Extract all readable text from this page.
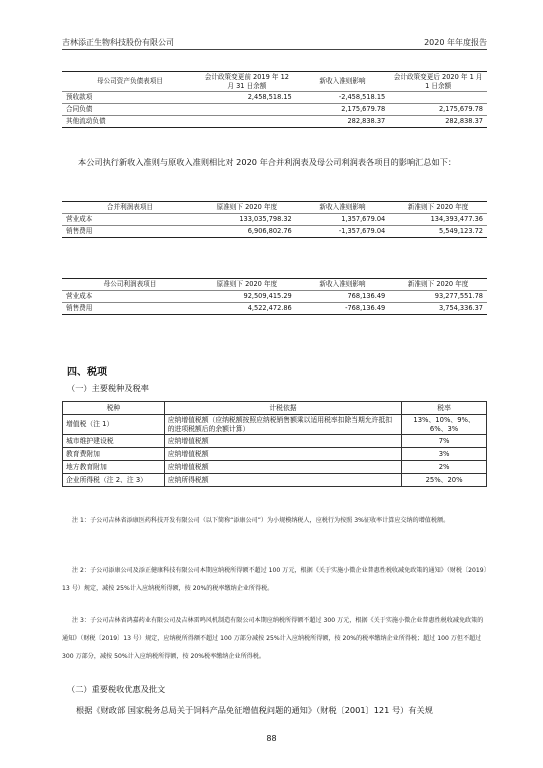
吉林添正生物科技股份有限公司	2020 年年度报告
母公司资产负债表项目	会计政策变更前 2019 年 12 月 31 日余额	新收入准则影响	会计政策变更后 2020 年 1 月 1 日余额
预收款项	2,458,518.15	-2,458,518.15	
合同负债		2,175,679.78	2,175,679.78
其他流动负债		282,838.37	282,838.37
本公司执行新收入准则与原收入准则相比对 2020 年合并利润表及母公司利润表各项目的影响汇总如下：
合并利润表项目	原准则下 2020 年度	新收入准则影响	新准则下 2020 年度
营业成本	133,035,798.32	1,357,679.04	134,393,477.36
销售费用	6,906,802.76	-1,357,679.04	5,549,123.72
母公司利润表项目	原准则下 2020 年度	新收入准则影响	新准则下 2020 年度
营业成本	92,509,415.29	768,136.49	93,277,551.78
销售费用	4,522,472.86	-768,136.49	3,754,336.37
四、税项
（一）主要税种及税率
税种	计税依据	税率
增值税（注 1）	应纳增值税额（应纳税额按照应纳税销售额乘以适用税率扣除当期允许抵扣的进项税额后的余额计算）	13%、10%、9%、6%、3%
城市维护建设税	应纳增值税额	7%
教育费附加	应纳增值税额	3%
地方教育附加	应纳增值税额	2%
企业所得税（注 2、注 3）	应纳所得税额	25%、20%
注 1：子公司吉林省添康医药科技开发有限公司（以下简称“添康公司”）为小规模纳税人，应税行为按照 3%征收率计算应交纳的增值税额。
注 2：子公司添康公司及添正健康科技有限公司本期应纳税所得额不超过 100 万元，根据《关于实施小微企业普惠性税收减免政策的通知》（财税〔2019〕13 号）规定，减按 25%计入应纳税所得额，按 20%的税率缴纳企业所得税。
注 3：子公司吉林省鸿嘉药业有限公司及吉林雷鸣风机制造有限公司本期应纳税所得额不超过 300 万元，根据《关于实施小微企业普惠性税收减免政策的通知》（财税〔2019〕13 号）规定，应纳税所得额不超过 100 万部分减按 25%计入应纳税所得额，按 20%的税率缴纳企业所得税；超过 100 万但不超过 300 万部分，减按 50%计入应纳税所得额，按 20%税率缴纳企业所得税。
（二）重要税收优惠及批文
根据《财政部 国家税务总局关于饲料产品免征增值税问题的通知》（财税〔2001〕121 号）有关规
88
